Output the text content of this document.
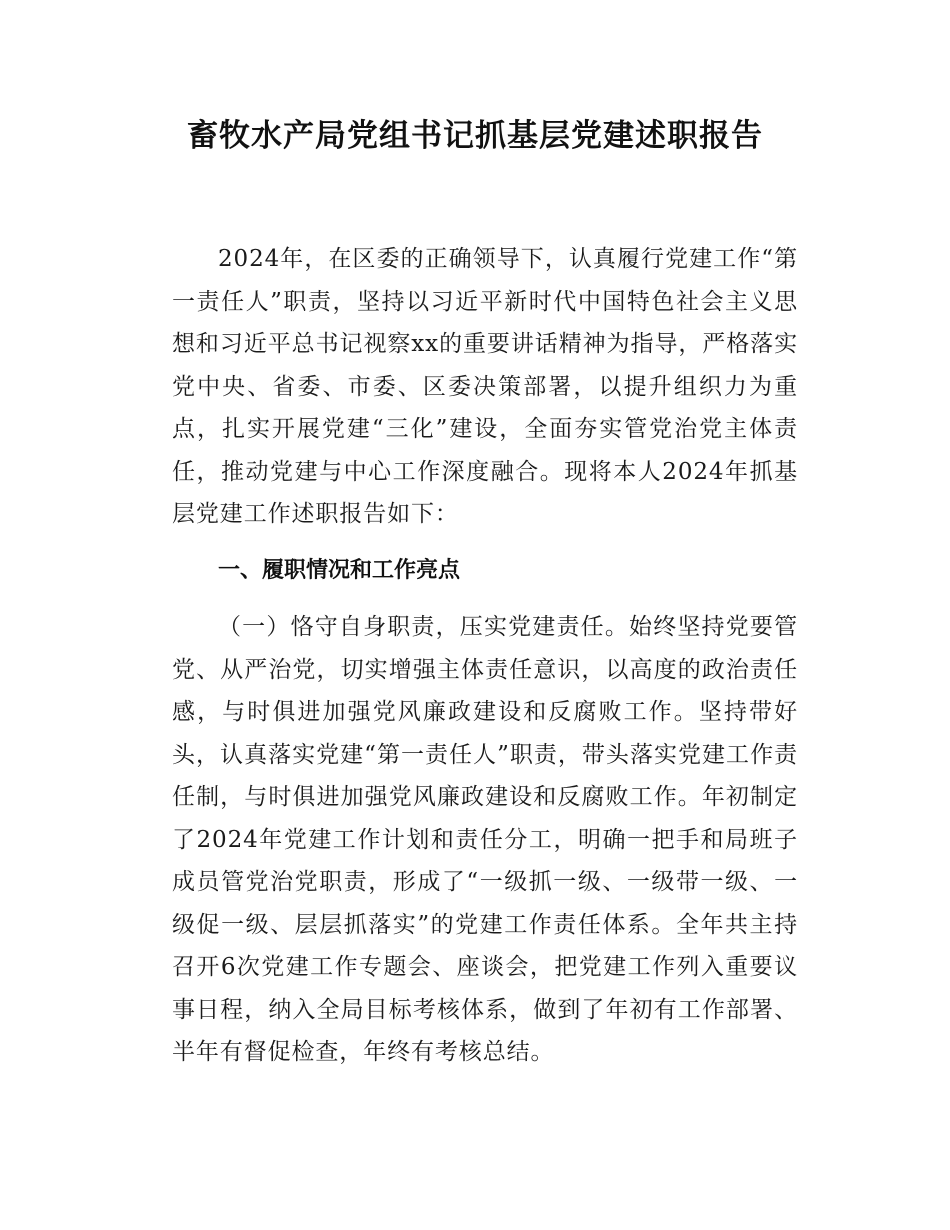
畜牧水产局党组书记抓基层党建述职报告

2024年，在区委的正确领导下，认真履行党建工作“第一责任人”职责，坚持以习近平新时代中国特色社会主义思想和习近平总书记视察xx的重要讲话精神为指导，严格落实党中央、省委、市委、区委决策部署，以提升组织力为重点，扎实开展党建“三化”建设，全面夯实管党治党主体责任，推动党建与中心工作深度融合。现将本人2024年抓基层党建工作述职报告如下：

一、履职情况和工作亮点

（一）恪守自身职责，压实党建责任。始终坚持党要管党、从严治党，切实增强主体责任意识，以高度的政治责任感，与时俱进加强党风廉政建设和反腐败工作。坚持带好头，认真落实党建“第一责任人”职责，带头落实党建工作责任制，与时俱进加强党风廉政建设和反腐败工作。年初制定了2024年党建工作计划和责任分工，明确一把手和局班子成员管党治党职责，形成了“一级抓一级、一级带一级、一级促一级、层层抓落实”的党建工作责任体系。全年共主持召开6次党建工作专题会、座谈会，把党建工作列入重要议事日程，纳入全局目标考核体系，做到了年初有工作部署、半年有督促检查，年终有考核总结。
